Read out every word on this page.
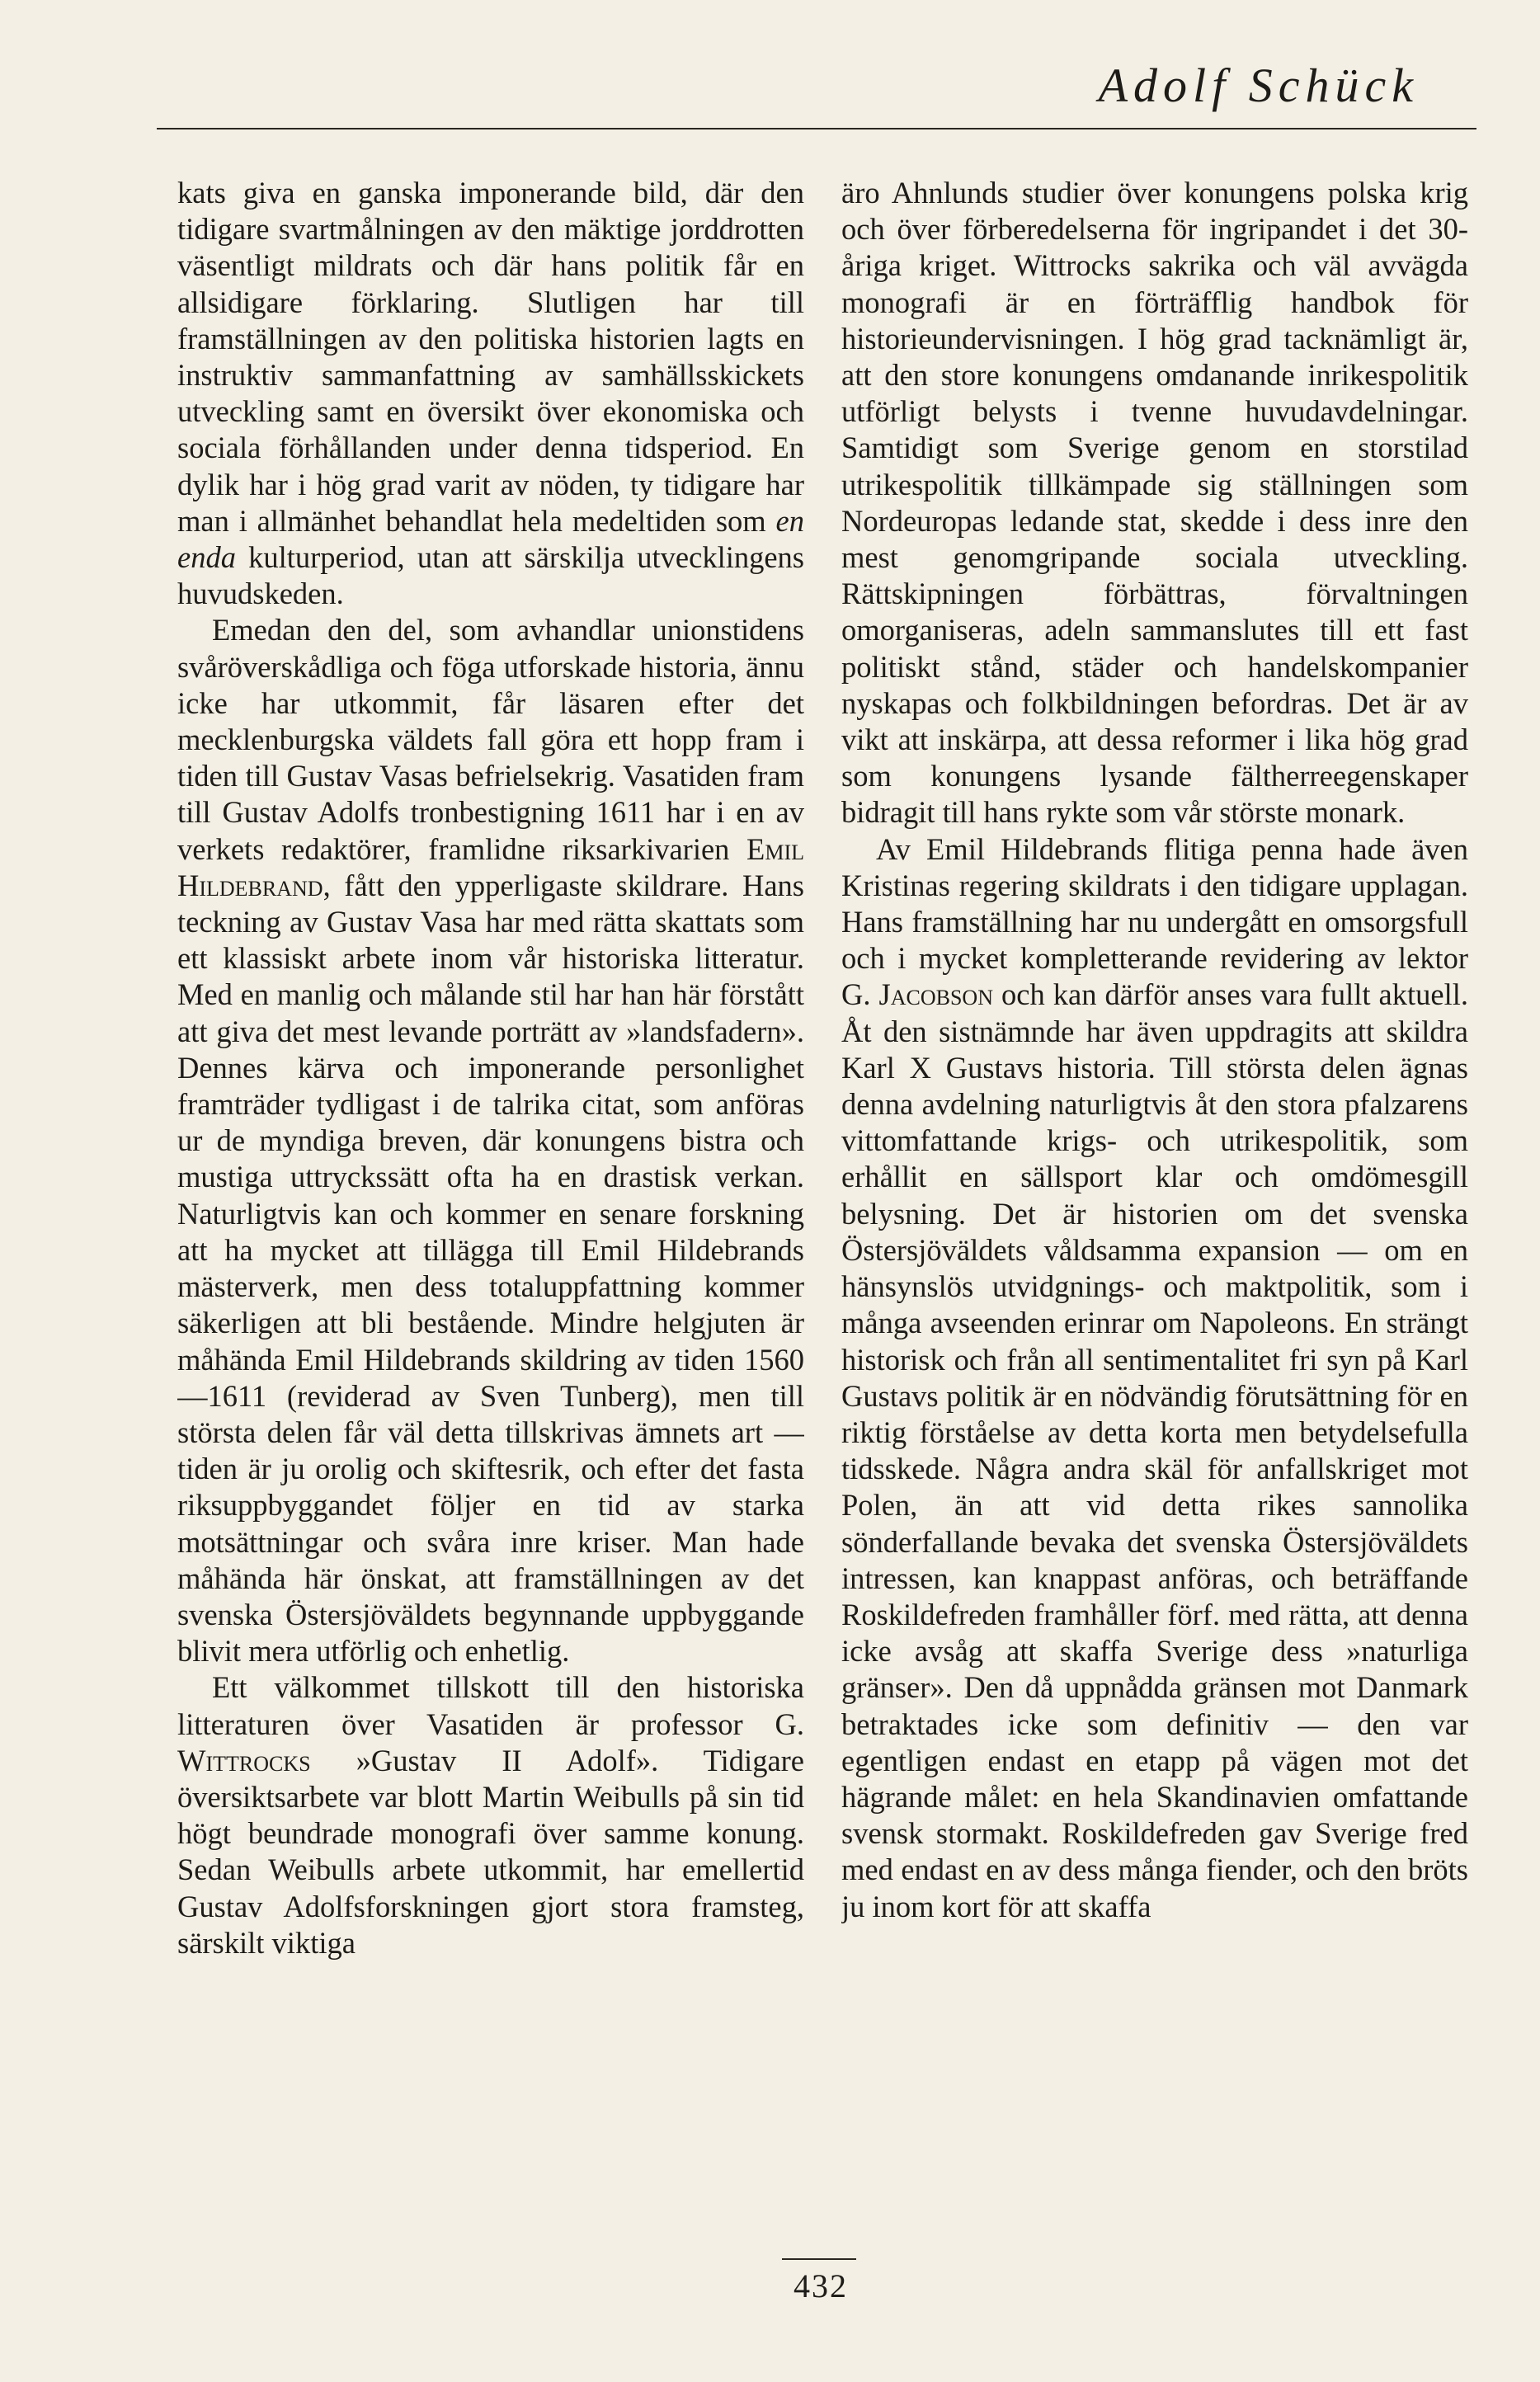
Adolf Schück

kats giva en ganska imponerande bild, där den tidigare svartmålningen av den mäktige jorddrotten väsentligt mildrats och där hans politik får en allsidigare förklaring. Slutligen har till framställningen av den politiska historien lagts en instruktiv sammanfattning av samhällsskickets utveckling samt en översikt över ekonomiska och sociala förhållanden under denna tidsperiod. En dylik har i hög grad varit av nöden, ty tidigare har man i allmänhet behandlat hela medeltiden som en enda kulturperiod, utan att särskilja utvecklingens huvudskeden.

Emedan den del, som avhandlar unionstidens svåröverskådliga och föga utforskade historia, ännu icke har utkommit, får läsaren efter det mecklenburgska väldets fall göra ett hopp fram i tiden till Gustav Vasas befrielsekrig. Vasatiden fram till Gustav Adolfs tronbestigning 1611 har i en av verkets redaktörer, framlidne riksarkivarien Emil Hildebrand, fått den ypperligaste skildrare. Hans teckning av Gustav Vasa har med rätta skattats som ett klassiskt arbete inom vår historiska litteratur. Med en manlig och målande stil har han här förstått att giva det mest levande porträtt av »landsfadern». Dennes kärva och imponerande personlighet framträder tydligast i de talrika citat, som anföras ur de myndiga breven, där konungens bistra och mustiga uttryckssätt ofta ha en drastisk verkan. Naturligtvis kan och kommer en senare forskning att ha mycket att tillägga till Emil Hildebrands mästerverk, men dess totaluppfattning kommer säkerligen att bli bestående. Mindre helgjuten är måhända Emil Hildebrands skildring av tiden 1560—1611 (reviderad av Sven Tunberg), men till största delen får väl detta tillskrivas ämnets art — tiden är ju orolig och skiftesrik, och efter det fasta riksuppbyggandet följer en tid av starka motsättningar och svåra inre kriser. Man hade måhända här önskat, att framställningen av det svenska Östersjöväldets begynnande uppbyggande blivit mera utförlig och enhetlig.

Ett välkommet tillskott till den historiska litteraturen över Vasatiden är professor G. Wittrocks »Gustav II Adolf». Tidigare översiktsarbete var blott Martin Weibulls på sin tid högt beundrade monografi över samme konung. Sedan Weibulls arbete utkommit, har emellertid Gustav Adolfsforskningen gjort stora framsteg, särskilt viktiga

äro Ahnlunds studier över konungens polska krig och över förberedelserna för ingripandet i det 30-åriga kriget. Wittrocks sakrika och väl avvägda monografi är en förträfflig handbok för historieundervisningen. I hög grad tacknämligt är, att den store konungens omdanande inrikespolitik utförligt belysts i tvenne huvudavdelningar. Samtidigt som Sverige genom en storstilad utrikespolitik tillkämpade sig ställningen som Nordeuropas ledande stat, skedde i dess inre den mest genomgripande sociala utveckling. Rättskipningen förbättras, förvaltningen omorganiseras, adeln sammanslutes till ett fast politiskt stånd, städer och handelskompanier nyskapas och folkbildningen befordras. Det är av vikt att inskärpa, att dessa reformer i lika hög grad som konungens lysande fältherreegenskaper bidragit till hans rykte som vår störste monark.

Av Emil Hildebrands flitiga penna hade även Kristinas regering skildrats i den tidigare upplagan. Hans framställning har nu undergått en omsorgsfull och i mycket kompletterande revidering av lektor G. Jacobson och kan därför anses vara fullt aktuell. Åt den sistnämnde har även uppdragits att skildra Karl X Gustavs historia. Till största delen ägnas denna avdelning naturligtvis åt den stora pfalzarens vittomfattande krigs- och utrikespolitik, som erhållit en sällsport klar och omdömesgill belysning. Det är historien om det svenska Östersjöväldets våldsamma expansion — om en hänsynslös utvidgnings- och maktpolitik, som i många avseenden erinrar om Napoleons. En strängt historisk och från all sentimentalitet fri syn på Karl Gustavs politik är en nödvändig förutsättning för en riktig förståelse av detta korta men betydelsefulla tidsskede. Några andra skäl för anfallskriget mot Polen, än att vid detta rikes sannolika sönderfallande bevaka det svenska Östersjöväldets intressen, kan knappast anföras, och beträffande Roskildefreden framhåller förf. med rätta, att denna icke avsåg att skaffa Sverige dess »naturliga gränser». Den då uppnådda gränsen mot Danmark betraktades icke som definitiv — den var egentligen endast en etapp på vägen mot det hägrande målet: en hela Skandinavien omfattande svensk stormakt. Roskildefreden gav Sverige fred med endast en av dess många fiender, och den bröts ju inom kort för att skaffa

432
